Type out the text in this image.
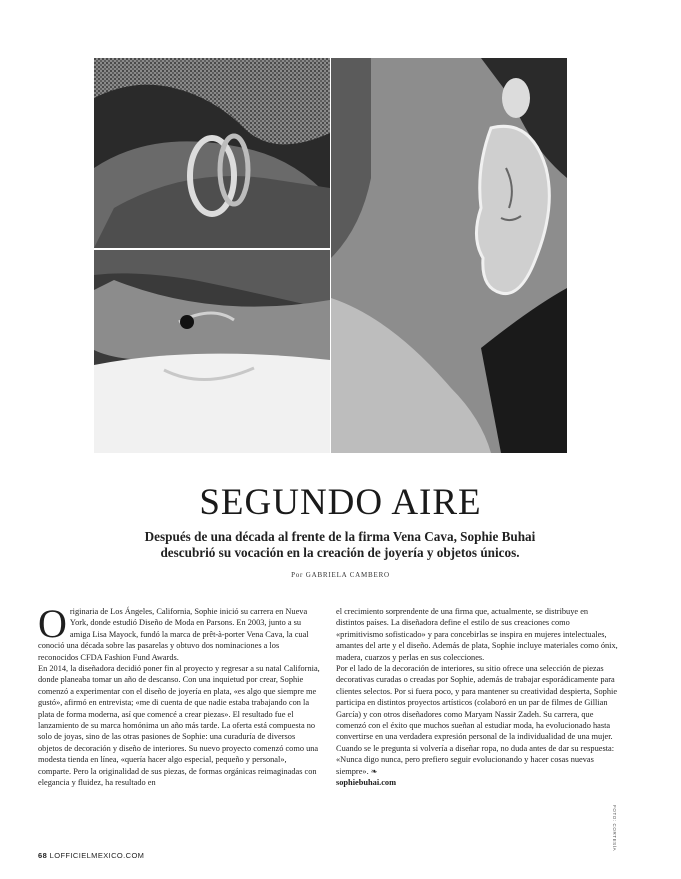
SEGUNDO AIRE
Después de una década al frente de la firma Vena Cava, Sophie Buhai
descubrió su vocación en la creación de joyería y objetos únicos.
Por GABRIELA CAMBERO

Originaria de Los Ángeles, California, Sophie inició su carrera en Nueva York, donde estudió Diseño de Moda en Parsons. En 2003, junto a su amiga Lisa Mayock, fundó la marca de prêt-à-porter Vena Cava, la cual conoció una década sobre las pasarelas y obtuvo dos nominaciones a los reconocidos CFDA Fashion Fund Awards.

En 2014, la diseñadora decidió poner fin al proyecto y regresar a su natal California, donde planeaba tomar un año de descanso. Con una inquietud por crear, Sophie comenzó a experimentar con el diseño de joyería en plata, «es algo que siempre me gustó», afirmó en entrevista; «me di cuenta de que nadie estaba trabajando con la plata de forma moderna, así que comencé a crear piezas». El resultado fue el lanzamiento de su marca homónima un año más tarde. La oferta está compuesta no solo de joyas, sino de las otras pasiones de Sophie: una curaduría de diversos objetos de decoración y diseño de interiores. Su nuevo proyecto comenzó como una modesta tienda en línea, «quería hacer algo especial, pequeño y personal», comparte. Pero la originalidad de sus piezas, de formas orgánicas reimaginadas con elegancia y fluidez, ha resultado en

el crecimiento sorprendente de una firma que, actualmente, se distribuye en distintos países. La diseñadora define el estilo de sus creaciones como «primitivismo sofisticado» y para concebirlas se inspira en mujeres intelectuales, amantes del arte y el diseño. Además de plata, Sophie incluye materiales como ónix, madera, cuarzos y perlas en sus colecciones.

Por el lado de la decoración de interiores, su sitio ofrece una selección de piezas decorativas curadas o creadas por Sophie, además de trabajar esporádicamente para clientes selectos. Por si fuera poco, y para mantener su creatividad despierta, Sophie participa en distintos proyectos artísticos (colaboró en un par de filmes de Gillian García) y con otros diseñadores como Maryam Nassir Zadeh. Su carrera, que comenzó con el éxito que muchos sueñan al estudiar moda, ha evolucionado hasta convertirse en una verdadera expresión personal de la individualidad de una mujer.

Cuando se le pregunta si volvería a diseñar ropa, no duda antes de dar su respuesta: «Nunca digo nunca, pero prefiero seguir evolucionando y hacer cosas nuevas siempre». ❧

sophiebuhai.com

68 LOFFICIELMEXICO.COM
FOTO: CORTESÍA
